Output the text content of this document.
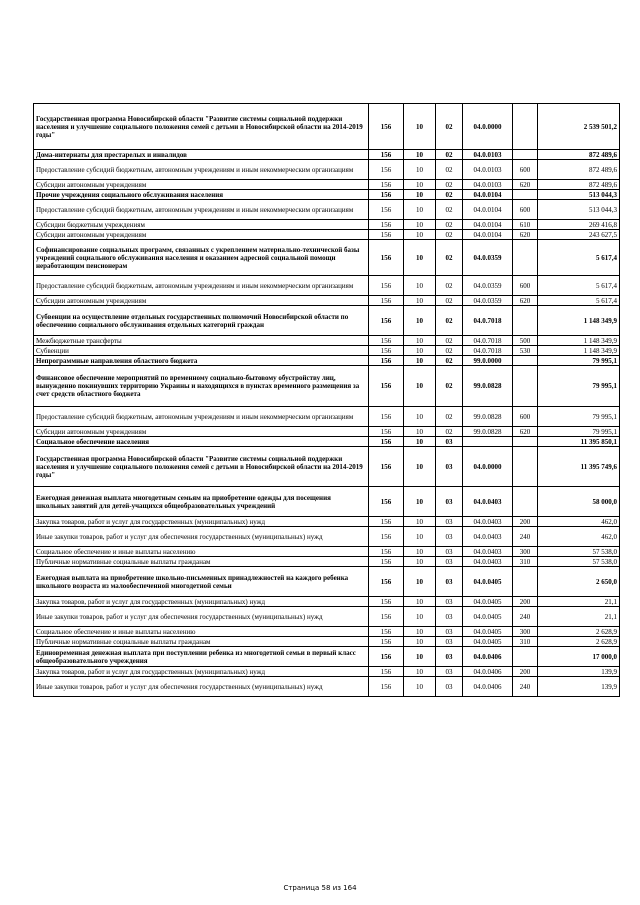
Государственная программа Новосибирской области "Развитие системы социальной поддержки населения и улучшение социального положения семей с детьми в Новосибирской области на 2014-2019 годы"	156	10	02	04.0.0000		2 539 501,2
Дома-интернаты для престарелых и инвалидов	156	10	02	04.0.0103		872 489,6
Предоставление субсидий бюджетным, автономным учреждениям и иным некоммерческим организациям	156	10	02	04.0.0103	600	872 489,6
Субсидии автономным учреждениям	156	10	02	04.0.0103	620	872 489,6
Прочие учреждения социального обслуживания населения	156	10	02	04.0.0104		513 044,3
Предоставление субсидий бюджетным, автономным учреждениям и иным некоммерческим организациям	156	10	02	04.0.0104	600	513 044,3
Субсидии бюджетным учреждениям	156	10	02	04.0.0104	610	269 416,8
Субсидии автономным учреждениям	156	10	02	04.0.0104	620	243 627,5
Софинансирование социальных программ, связанных с укреплением материально-технической базы учреждений социального обслуживания населения и оказанием адресной социальной помощи неработающим пенсионерам	156	10	02	04.0.0359		5 617,4
Предоставление субсидий бюджетным, автономным учреждениям и иным некоммерческим организациям	156	10	02	04.0.0359	600	5 617,4
Субсидии автономным учреждениям	156	10	02	04.0.0359	620	5 617,4
Субвенции на осуществление отдельных государственных полномочий Новосибирской области по обеспечению социального обслуживания отдельных категорий граждан	156	10	02	04.0.7018		1 148 349,9
Межбюджетные трансферты	156	10	02	04.0.7018	500	1 148 349,9
Субвенции	156	10	02	04.0.7018	530	1 148 349,9
Непрограммные направления областного бюджета	156	10	02	99.0.0000		79 995,1
Финансовое обеспечение мероприятий по временному социально-бытовому обустройству лиц, вынужденно покинувших территорию Украины и находящихся в пунктах временного размещения за счет средств областного бюджета	156	10	02	99.0.0828		79 995,1
Предоставление субсидий бюджетным, автономным учреждениям и иным некоммерческим организациям	156	10	02	99.0.0828	600	79 995,1
Субсидии автономным учреждениям	156	10	02	99.0.0828	620	79 995,1
Социальное обеспечение населения	156	10	03			11 395 850,1
Государственная программа Новосибирской области "Развитие системы социальной поддержки населения и улучшение социального положения семей с детьми в Новосибирской области на 2014-2019 годы"	156	10	03	04.0.0000		11 395 749,6
Ежегодная денежная выплата многодетным семьям на приобретение одежды для посещения школьных занятий для детей-учащихся общеобразовательных учреждений	156	10	03	04.0.0403		58 000,0
Закупка товаров, работ и услуг для государственных (муниципальных) нужд	156	10	03	04.0.0403	200	462,0
Иные закупки товаров, работ и услуг для обеспечения государственных (муниципальных) нужд	156	10	03	04.0.0403	240	462,0
Социальное обеспечение и иные выплаты населению	156	10	03	04.0.0403	300	57 538,0
Публичные нормативные социальные выплаты гражданам	156	10	03	04.0.0403	310	57 538,0
Ежегодная выплата на приобретение школьно-письменных принадлежностей на каждого ребенка школьного возраста из малообеспеченной многодетной семьи	156	10	03	04.0.0405		2 650,0
Закупка товаров, работ и услуг для государственных (муниципальных) нужд	156	10	03	04.0.0405	200	21,1
Иные закупки товаров, работ и услуг для обеспечения государственных (муниципальных) нужд	156	10	03	04.0.0405	240	21,1
Социальное обеспечение и иные выплаты населению	156	10	03	04.0.0405	300	2 628,9
Публичные нормативные социальные выплаты гражданам	156	10	03	04.0.0405	310	2 628,9
Единовременная денежная выплата при поступлении ребенка из многодетной семьи в первый класс общеобразовательного учреждения	156	10	03	04.0.0406		17 000,0
Закупка товаров, работ и услуг для государственных (муниципальных) нужд	156	10	03	04.0.0406	200	139,9
Иные закупки товаров, работ и услуг для обеспечения государственных (муниципальных) нужд	156	10	03	04.0.0406	240	139,9
Страница 58 из 164
